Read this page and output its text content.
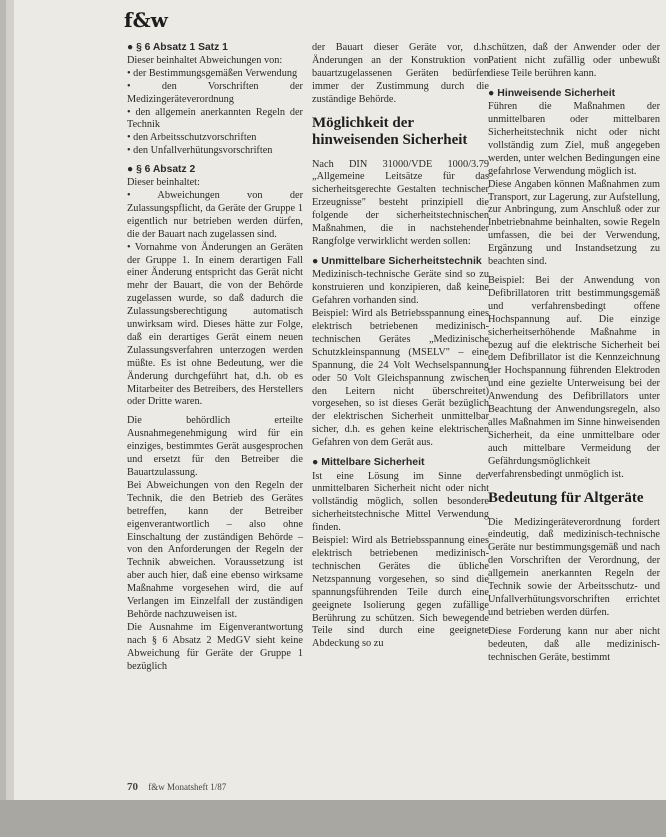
f&w

● § 6 Absatz 1 Satz 1

Dieser beinhaltet Abweichungen von:

• der Bestimmungsgemäßen Verwendung

• den Vorschriften der Medizingeräteverordnung

• den allgemein anerkannten Regeln der Technik

• den Arbeitsschutzvorschriften

• den Unfallverhütungsvorschriften

● § 6 Absatz 2

Dieser beinhaltet:

• Abweichungen von der Zulassungspflicht, da Geräte der Gruppe 1 eigentlich nur betrieben werden dürfen, die der Bauart nach zugelassen sind.

• Vornahme von Änderungen an Geräten der Gruppe 1. In einem derartigen Fall einer Änderung entspricht das Gerät nicht mehr der Bauart, die von der Behörde zugelassen wurde, so daß dadurch die Zulassungsberechtigung automatisch unwirksam wird. Dieses hätte zur Folge, daß ein derartiges Gerät einem neuen Zulassungsverfahren unterzogen werden müßte. Es ist ohne Bedeutung, wer die Änderung durchgeführt hat, d.h. ob es Mitarbeiter des Betreibers, des Herstellers oder Dritte waren.

Die behördlich erteilte Ausnahmegenehmigung wird für ein einziges, bestimmtes Gerät ausgesprochen und ersetzt für den Betreiber die Bauartzulassung.

Bei Abweichungen von den Regeln der Technik, die den Betrieb des Gerätes betreffen, kann der Betreiber eigenverantwortlich – also ohne Einschaltung der zuständigen Behörde – von den Anforderungen der Regeln der Technik abweichen. Voraussetzung ist aber auch hier, daß eine ebenso wirksame Maßnahme vorgesehen wird, die auf Verlangen im Einzelfall der zuständigen Behörde nachzuweisen ist.

Die Ausnahme im Eigenverantwortung nach § 6 Absatz 2 MedGV sieht keine Abweichung für Geräte der Gruppe 1 bezüglich

der Bauart dieser Geräte vor, d.h. Änderungen an der Konstruktion von bauartzugelassenen Geräten bedürfen immer der Zustimmung durch die zuständige Behörde.

Möglichkeit der hinweisenden Sicherheit

Nach DIN 31000/VDE 1000/3.79 „Allgemeine Leitsätze für das sicherheitsgerechte Gestalten technischer Erzeugnisse" besteht prinzipiell die folgende der sicherheitstechnischen Maßnahmen, die in nachstehender Rangfolge verwirklicht werden sollen:

● Unmittelbare Sicherheitstechnik

Medizinisch-technische Geräte sind so zu konstruieren und konzipieren, daß keine Gefahren vorhanden sind.

Beispiel: Wird als Betriebsspannung eines elektrisch betriebenen medizinisch-technischen Gerätes „Medizinische Schutzkleinspannung (MSELV" – eine Spannung, die 24 Volt Wechselspannung oder 50 Volt Gleichspannung zwischen den Leitern nicht überschreitet) vorgesehen, so ist dieses Gerät bezüglich der elektrischen Sicherheit unmittelbar sicher, d.h. es gehen keine elektrischen Gefahren von dem Gerät aus.

● Mittelbare Sicherheit

Ist eine Lösung im Sinne der unmittelbaren Sicherheit nicht oder nicht vollständig möglich, sollen besondere sicherheitstechnische Mittel Verwendung finden.

Beispiel: Wird als Betriebsspannung eines elektrisch betriebenen medizinisch-technischen Gerätes die übliche Netzspannung vorgesehen, so sind die spannungsführenden Teile durch eine geeignete Isolierung gegen zufällige Berührung zu schützen. Sich bewegende Teile sind durch eine geeignete Abdeckung so zu

schützen, daß der Anwender oder der Patient nicht zufällig oder unbewußt diese Teile berühren kann.

● Hinweisende Sicherheit

Führen die Maßnahmen der unmittelbaren oder mittelbaren Sicherheitstechnik nicht oder nicht vollständig zum Ziel, muß angegeben werden, unter welchen Bedingungen eine gefahrlose Verwendung möglich ist.

Diese Angaben können Maßnahmen zum Transport, zur Lagerung, zur Aufstellung, zur Anbringung, zum Anschluß oder zur Inbetriebnahme beinhalten, sowie Regeln umfassen, die bei der Verwendung, Ergänzung und Instandsetzung zu beachten sind.

Beispiel: Bei der Anwendung von Defibrillatoren tritt bestimmungsgemäß und verfahrensbedingt offene Hochspannung auf. Die einzige sicherheitserhöhende Maßnahme in bezug auf die elektrische Sicherheit bei dem Defibrillator ist die Kennzeichnung der Hochspannung führenden Elektroden und eine gezielte Unterweisung bei der Anwendung des Defibrillators unter Beachtung der Anwendungsregeln, also alles Maßnahmen im Sinne hinweisenden Sicherheit, da eine unmittelbare oder auch mittelbare Vermeidung der Gefährdungsmöglichkeit verfahrensbedingt unmöglich ist.

Bedeutung für Altgeräte

Die Medizingeräteverordnung fordert eindeutig, daß medizinisch-technische Geräte nur bestimmungsgemäß und nach den Vorschriften der Verordnung, der allgemein anerkannten Regeln der Technik sowie der Arbeitsschutz- und Unfallverhütungsvorschriften errichtet und betrieben werden dürfen.

Diese Forderung kann nur aber nicht bedeuten, daß alle medizinisch-technischen Geräte, bestimmt

70 f&w Monatsheft 1/87
